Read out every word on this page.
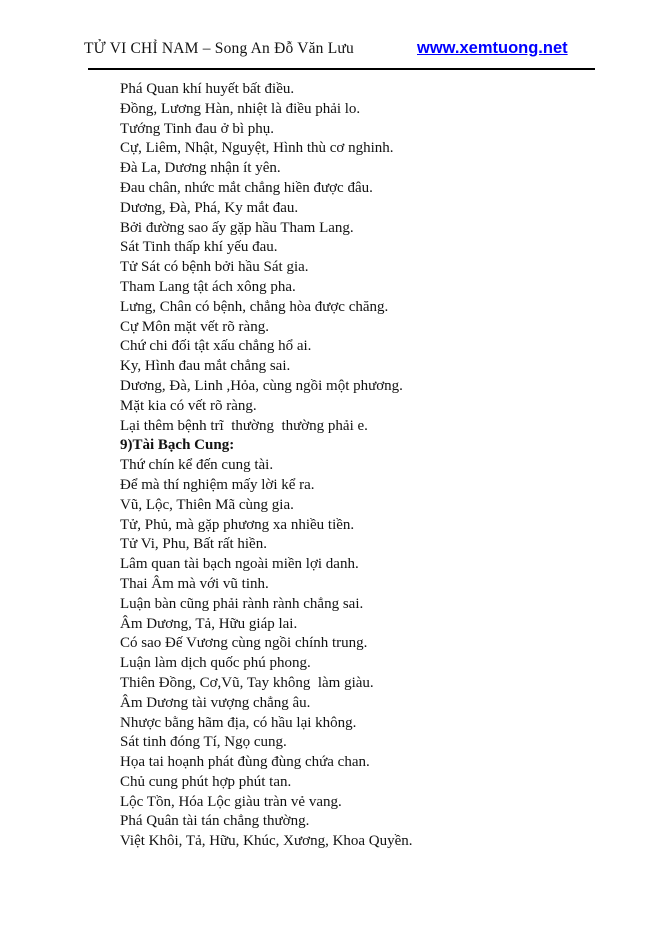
TỬ VI CHỈ NAM – Song An Đỗ Văn Lưu	www.xemtuong.net
Phá Quan khí huyết bất điều.
Đồng, Lương Hàn, nhiệt là điều phải lo.
Tướng Tinh đau ở bì phụ.
Cự, Liêm, Nhật, Nguyệt, Hình thù cơ nghinh.
Đà La, Dương nhận ít yên.
Đau chân, nhức mắt chẳng hiền được đâu.
Dương, Đà, Phá, Ky mắt đau.
Bởi đường sao ấy gặp hầu Tham Lang.
Sát Tinh thấp khí yếu đau.
Tử Sát có bệnh bởi hầu Sát gia.
Tham Lang tật ách xông pha.
Lưng, Chân có bệnh, chẳng hòa được chăng.
Cự Môn mặt vết rõ ràng.
Chứ chi đối tật xấu chẳng hổ ai.
Ky, Hình đau mắt chẳng sai.
Dương, Đà, Linh ,Hỏa, cùng ngồi một phương.
Mặt kia có vết rõ ràng.
Lại thêm bệnh trĩ  thường  thường phải e.
9)Tài Bạch Cung:
Thứ chín kể đến cung tài.
Để mà thí nghiệm mấy lời kể ra.
Vũ, Lộc, Thiên Mã cùng gia.
Tử, Phủ, mà gặp phương xa nhiều tiền.
Tử Vi, Phu, Bất rất hiền.
Lâm quan tài bạch ngoài miền lợi danh.
Thai Âm mà với vũ tinh.
Luận bàn cũng phải rành rành chẳng sai.
Âm Dương, Tả, Hữu giáp lai.
Có sao Đế Vương cùng ngồi chính trung.
Luận làm dịch quốc phú phong.
Thiên Đồng, Cơ,Vũ, Tay không  làm giàu.
Âm Dương tài vượng chẳng âu.
Nhược bằng hãm địa, có hầu lại không.
Sát tinh đóng Tí, Ngọ cung.
Họa tai hoạnh phát đùng đùng chứa chan.
Chủ cung phút hợp phút tan.
Lộc Tồn, Hóa Lộc giàu tràn vẻ vang.
Phá Quân tài tán chẳng thường.
Việt Khôi, Tả, Hữu, Khúc, Xương, Khoa Quyền.
